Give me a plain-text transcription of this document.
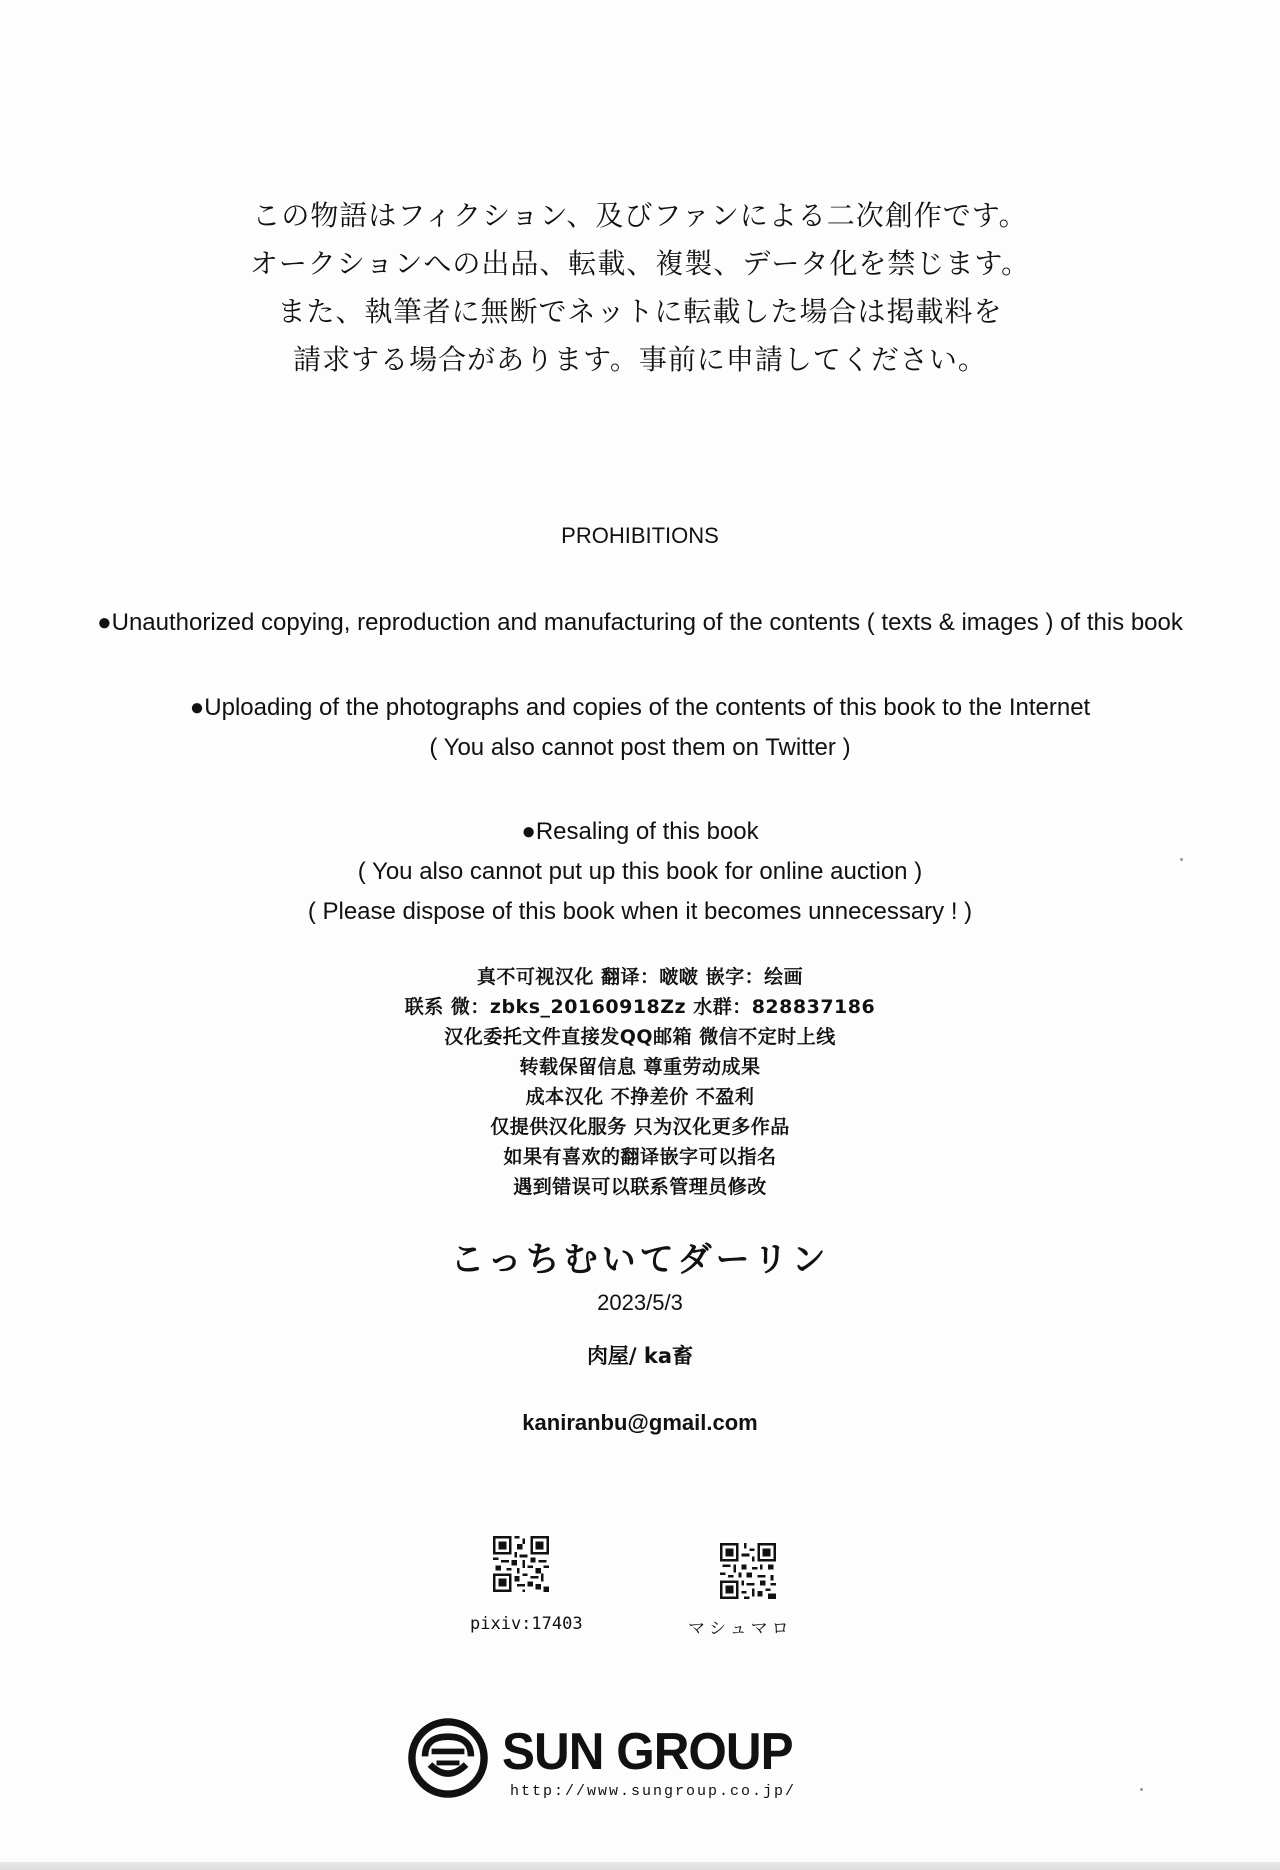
この物語はフィクション、及びファンによる二次創作です。
オークションへの出品、転載、複製、データ化を禁じます。
また、執筆者に無断でネットに転載した場合は掲載料を
請求する場合があります。事前に申請してください。
PROHIBITIONS
●Unauthorized copying, reproduction and manufacturing of the contents ( texts & images ) of this book
●Uploading of the photographs and copies of the contents of this book to the Internet
( You also cannot post them on Twitter )
●Resaling of this book
( You also cannot put up this book for online auction )
( Please dispose of this book when it becomes unnecessary ! )
真不可视汉化 翻译：啵啵 嵌字：绘画
联系 微：zbks_20160918Zz 水群：828837186
汉化委托文件直接发QQ邮箱 微信不定时上线
转载保留信息 尊重劳动成果
成本汉化 不挣差价 不盈利
仅提供汉化服务 只为汉化更多作品
如果有喜欢的翻译嵌字可以指名
遇到错误可以联系管理员修改
こっちむいてダーリン
2023/5/3
肉屋/ ka畜
kaniranbu@gmail.com
pixiv:17403	マシュマロ
SUN GROUP
http://www.sungroup.co.jp/
